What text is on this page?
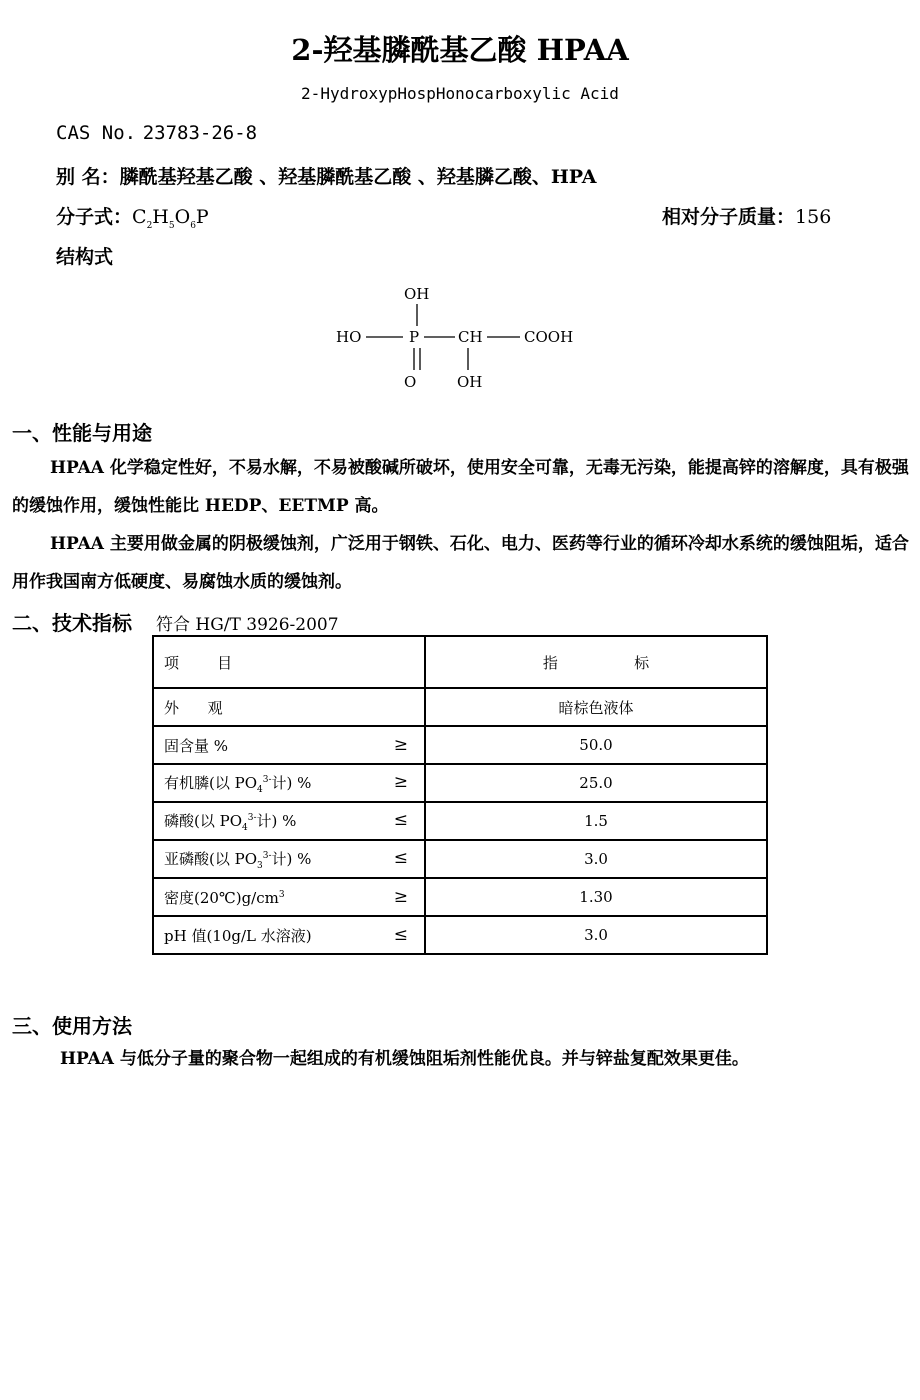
2-羟基膦酰基乙酸 HPAA
2-HydroxypHospHonocarboxylic Acid
CAS No. 23783-26-8
别 名：膦酰基羟基乙酸 、羟基膦酰基乙酸 、羟基膦乙酸、HPA
分子式：$C_2H_5O_6P$	相对分子质量：156
结构式
OH
HO	P	CH	COOH
O	OH
一、性能与用途
HPAA 化学稳定性好，不易水解，不易被酸碱所破坏，使用安全可靠，无毒无污染，能提高锌的溶解度，具有极强的缓蚀作用，缓蚀性能比 HEDP、EETMP 高。
HPAA 主要用做金属的阴极缓蚀剂，广泛用于钢铁、石化、电力、医药等行业的循环冷却水系统的缓蚀阻垢，适合用作我国南方低硬度、易腐蚀水质的缓蚀剂。
二、技术指标 符合 HG/T 3926-2007
项        目	指                标
外      观	暗棕色液体
固含量 % ≥	50.0
有机膦(以 $PO_4^{3-}$计) % ≥	25.0
磷酸(以 $PO_4^{3-}$计) % ≤	1.5
亚磷酸(以 $PO_3^{3-}$计) % ≤	3.0
密度$(20℃)g/cm^3$ ≥	1.30
pH 值(10g/L 水溶液) ≤	3.0
三、使用方法
HPAA 与低分子量的聚合物一起组成的有机缓蚀阻垢剂性能优良。并与锌盐复配效果更佳。
